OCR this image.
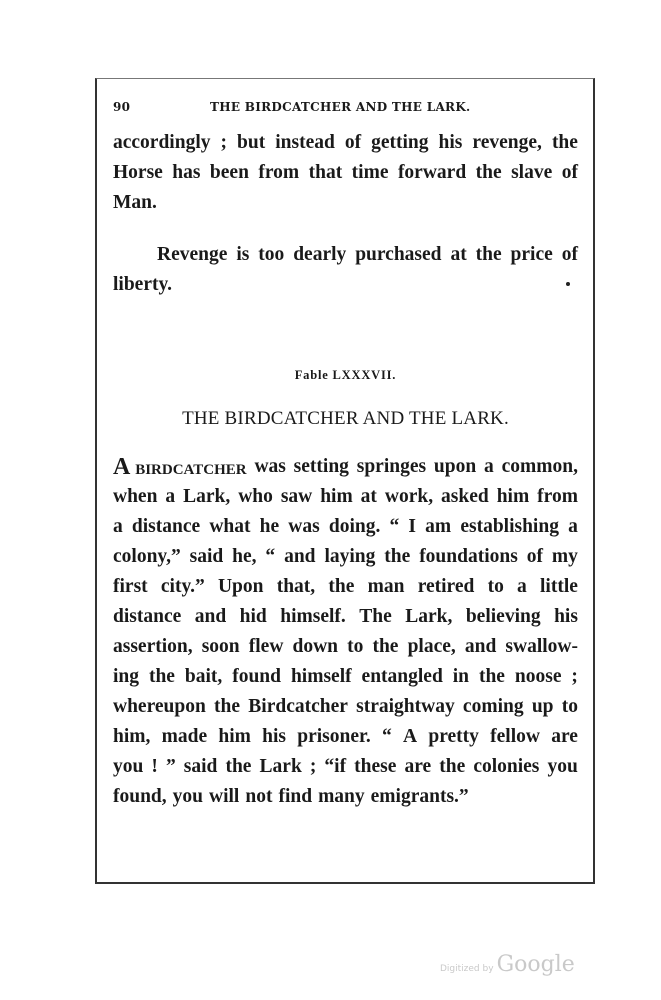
90	THE BIRDCATCHER AND THE LARK.
accordingly ; but instead of getting his revenge, the
Horse has been from that time forward the slave of
Man.
Revenge is too dearly purchased at the price of
liberty.
Fable LXXXVII.
THE BIRDCATCHER AND THE LARK.
A BIRDCATCHER was setting springes upon a common,
when a Lark, who saw him at work, asked him from
a distance what he was doing. “ I am establishing a
colony,” said he, “ and laying the foundations of my
first city.” Upon that, the man retired to a little
distance and hid himself. The Lark, believing his
assertion, soon flew down to the place, and swallow-
ing the bait, found himself entangled in the noose ;
whereupon the Birdcatcher straightway coming up to
him, made him his prisoner. “ A pretty fellow are
you ! ” said the Lark ; “if these are the colonies you
found, you will not find many emigrants.”
Digitized by Google
